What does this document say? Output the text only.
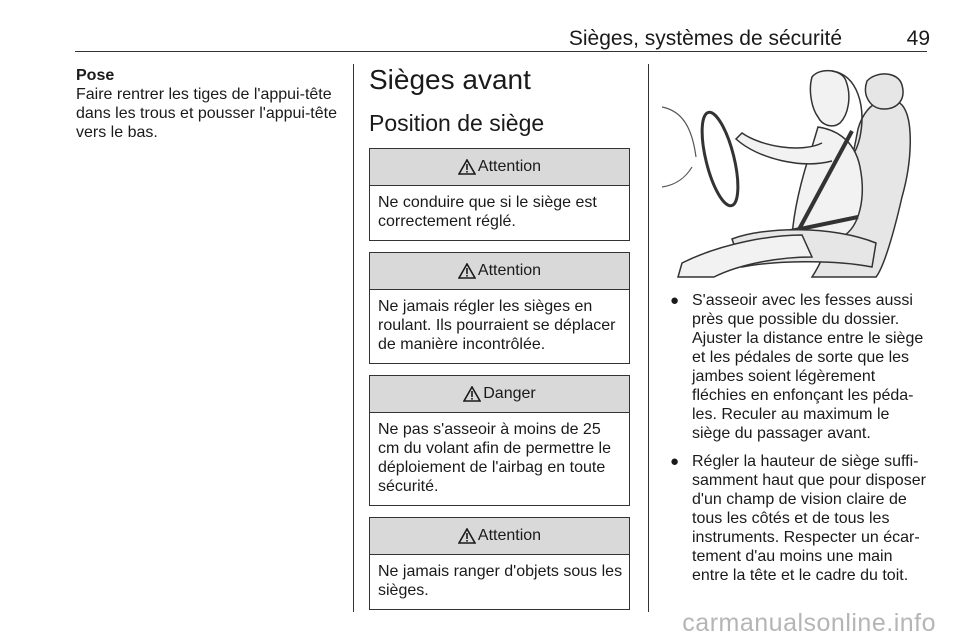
Sièges, systèmes de sécurité	49
Pose
Faire rentrer les tiges de l'appui-tête dans les trous et pousser l'appui-tête vers le bas.
Sièges avant
Position de siège
Attention
Ne conduire que si le siège est correctement réglé.
Attention
Ne jamais régler les sièges en roulant. Ils pourraient se déplacer de manière incontrôlée.
Danger
Ne pas s'asseoir à moins de 25 cm du volant afin de permettre le déploiement de l'airbag en toute sécurité.
Attention
Ne jamais ranger d'objets sous les sièges.
● S'asseoir avec les fesses aussi près que possible du dossier. Ajuster la distance entre le siège et les pédales de sorte que les jambes soient légèrement fléchies en enfonçant les péda-les. Reculer au maximum le siège du passager avant.
● Régler la hauteur de siège suffi-samment haut que pour disposer d'un champ de vision claire de tous les côtés et de tous les instruments. Respecter un écar-tement d'au moins une main entre la tête et le cadre du toit.
carmanualsonline.info
